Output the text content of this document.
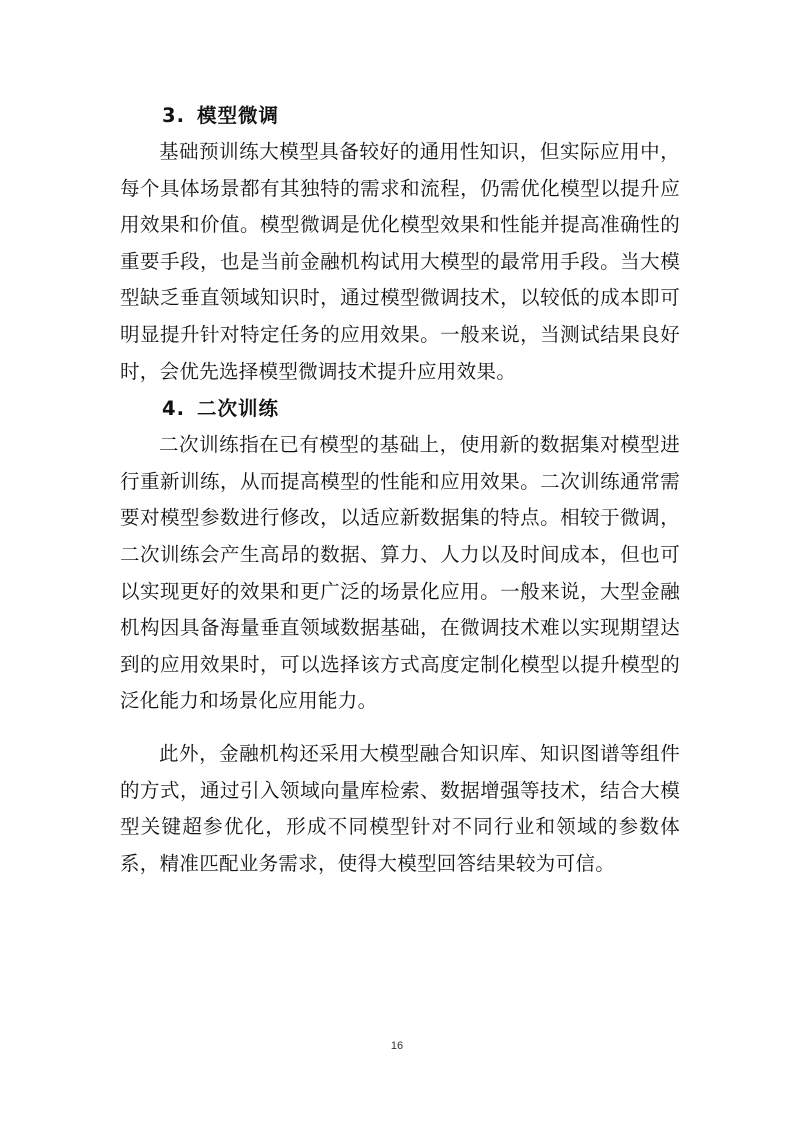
3. 模型微调

基础预训练大模型具备较好的通用性知识，但实际应用中，每个具体场景都有其独特的需求和流程，仍需优化模型以提升应用效果和价值。模型微调是优化模型效果和性能并提高准确性的重要手段，也是当前金融机构试用大模型的最常用手段。当大模型缺乏垂直领域知识时，通过模型微调技术，以较低的成本即可明显提升针对特定任务的应用效果。一般来说，当测试结果良好时，会优先选择模型微调技术提升应用效果。

4. 二次训练

二次训练指在已有模型的基础上，使用新的数据集对模型进行重新训练，从而提高模型的性能和应用效果。二次训练通常需要对模型参数进行修改，以适应新数据集的特点。相较于微调，二次训练会产生高昂的数据、算力、人力以及时间成本，但也可以实现更好的效果和更广泛的场景化应用。一般来说，大型金融机构因具备海量垂直领域数据基础，在微调技术难以实现期望达到的应用效果时，可以选择该方式高度定制化模型以提升模型的泛化能力和场景化应用能力。

此外，金融机构还采用大模型融合知识库、知识图谱等组件的方式，通过引入领域向量库检索、数据增强等技术，结合大模型关键超参优化，形成不同模型针对不同行业和领域的参数体系，精准匹配业务需求，使得大模型回答结果较为可信。

16
